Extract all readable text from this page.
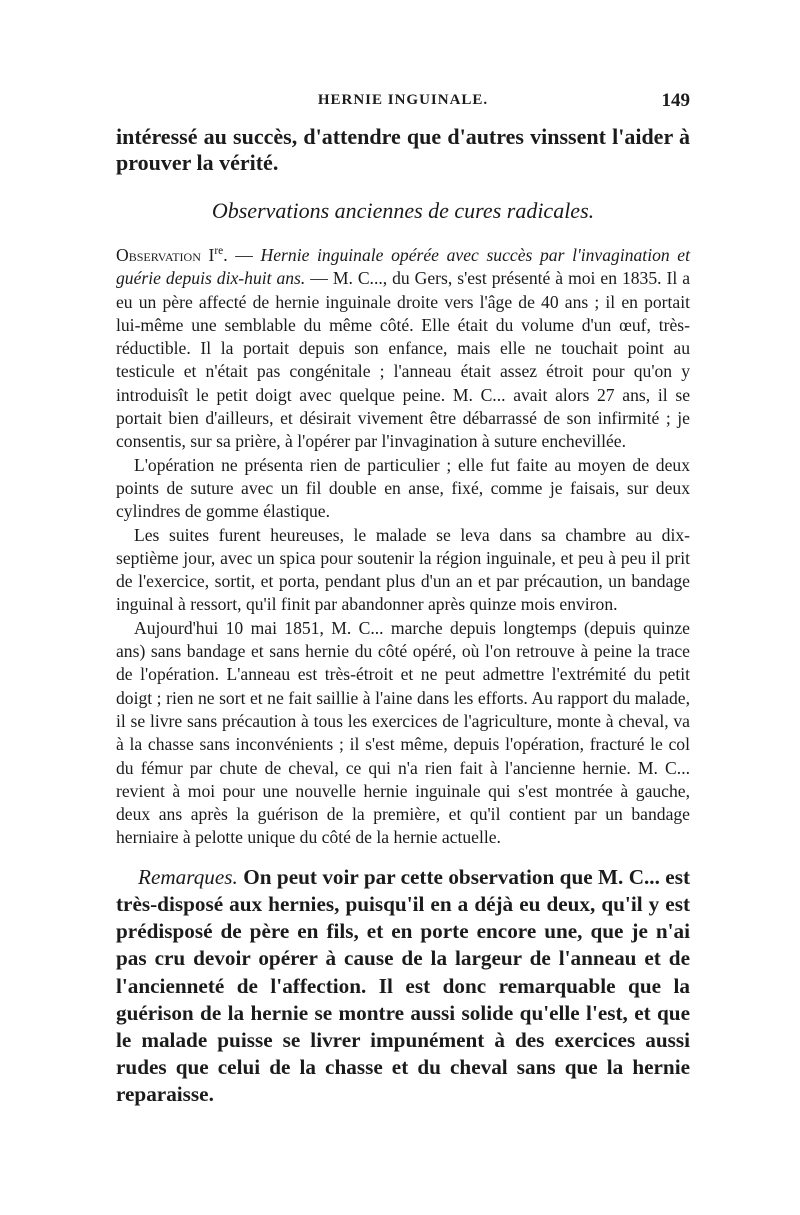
HERNIE INGUINALE.	149
intéressé au succès, d'attendre que d'autres vinssent l'aider à prouver la vérité.
Observations anciennes de cures radicales.

Observation Ire. — Hernie inguinale opérée avec succès par l'invagination et guérie depuis dix-huit ans. — M. C..., du Gers, s'est présenté à moi en 1835. Il a eu un père affecté de hernie inguinale droite vers l'âge de 40 ans ; il en portait lui-même une semblable du même côté. Elle était du volume d'un œuf, très-réductible. Il la portait depuis son enfance, mais elle ne touchait point au testicule et n'était pas congénitale ; l'anneau était assez étroit pour qu'on y introduisît le petit doigt avec quelque peine. M. C... avait alors 27 ans, il se portait bien d'ailleurs, et désirait vivement être débarrassé de son infirmité ; je consentis, sur sa prière, à l'opérer par l'invagination à suture enchevillée.

L'opération ne présenta rien de particulier ; elle fut faite au moyen de deux points de suture avec un fil double en anse, fixé, comme je faisais, sur deux cylindres de gomme élastique.

Les suites furent heureuses, le malade se leva dans sa chambre au dix-septième jour, avec un spica pour soutenir la région inguinale, et peu à peu il prit de l'exercice, sortit, et porta, pendant plus d'un an et par précaution, un bandage inguinal à ressort, qu'il finit par abandonner après quinze mois environ.

Aujourd'hui 10 mai 1851, M. C... marche depuis longtemps (depuis quinze ans) sans bandage et sans hernie du côté opéré, où l'on retrouve à peine la trace de l'opération. L'anneau est très-étroit et ne peut admettre l'extrémité du petit doigt ; rien ne sort et ne fait saillie à l'aine dans les efforts. Au rapport du malade, il se livre sans précaution à tous les exercices de l'agriculture, monte à cheval, va à la chasse sans inconvénients ; il s'est même, depuis l'opération, fracturé le col du fémur par chute de cheval, ce qui n'a rien fait à l'ancienne hernie. M. C... revient à moi pour une nouvelle hernie inguinale qui s'est montrée à gauche, deux ans après la guérison de la première, et qu'il contient par un bandage herniaire à pelotte unique du côté de la hernie actuelle.

Remarques. On peut voir par cette observation que M. C... est très-disposé aux hernies, puisqu'il en a déjà eu deux, qu'il y est prédisposé de père en fils, et en porte encore une, que je n'ai pas cru devoir opérer à cause de la largeur de l'anneau et de l'ancienneté de l'affection. Il est donc remarquable que la guérison de la hernie se montre aussi solide qu'elle l'est, et que le malade puisse se livrer impunément à des exercices aussi rudes que celui de la chasse et du cheval sans que la hernie reparaisse.
